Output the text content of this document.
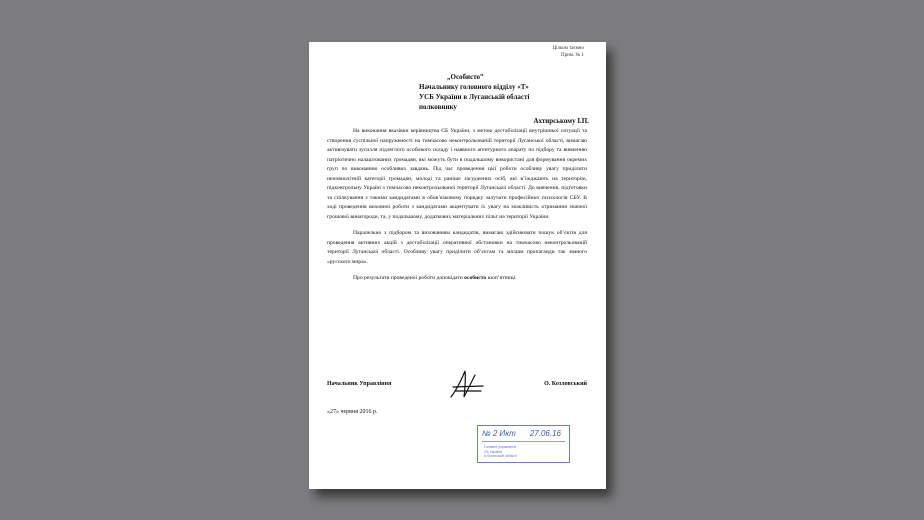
Цілком таємно
Прим. № 1
„Особисто”
Начальнику головного відділу «Т»
УСБ України в Луганській області
полковнику
Ахтирському І.П.

На виконання вказівки керівництва СБ України, з метою дестабілізації внутрішньої ситуації та створення суспільної напруженості на тимчасово неконтрольованій території Луганської області, вимагаю активізувати зусилля підлеглого особового складу і наявного агентурного апарату по підбору та вивченню патріотично налаштованих громадян, які можуть бути в подальшому використані для формування окремих груп по виконанню особливих завдань. Під час проведення цієї роботи особливу увагу приділити неповнолітній категорії громадян, молоді та раніше засуджених осіб, які в’їжджають на територію, підконтрольну Україні з тимчасово неконтрольованої території Луганської області. До вивчення, підготовки та спілкування з такими кандидатами в обов’язковому порядку залучати професійних психологів СБУ. В ході проведення виховної роботи з кандидатами акцентувати їх увагу на можливість отримання значної грошової винагороди, та, у подальшому, додаткових матеріальних пільг на території України.

Паралельно з підбором та вихованням кандидатів, вимагаю здійснювати пошук об’єктів для проведення активних акцій з дестабілізації оперативної обстановки на тимчасово неконтрольованій території Луганської області. Особливу увагу приділити об’єктам та місцям пропаганди так званого «русского мира».

Про результати проведеної роботи доповідати особисто шоп’ятниці.

Начальник Управління	О. Козловський
«27» червня 2016 р.
№ 2 Икт 27.06.16
Головне управління
СБ України
в Луганській області
